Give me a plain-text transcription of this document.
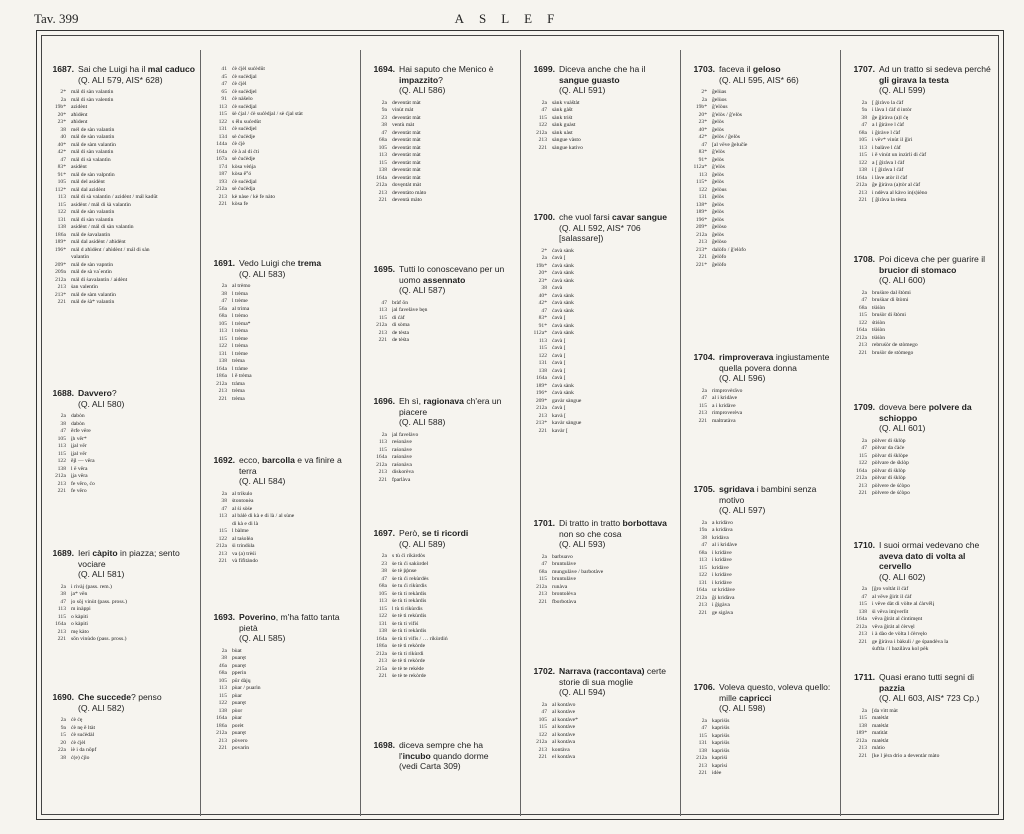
Tav. 399	ASLEF
1687. Sai che Luigi ha il mal caduco
(Q. ALI 579, AIS* 628)
2* mál di sàn valantìn
2a mál di sàn valentìn
19b* azidènt
20* aħìdènt
23* aħìdent
38 mél de sàn valantìn
40 mál de sàn valantìn
40* mál de sàm valantìn
42* mál di sàn valantìn
47 mál di sà valantìn
83* asidènt
91* mál de sàn valpntìn
105 mál del asidènt
112* mál dal azidènt
113 mál di sà valantìn / azidènt / mál kadūt
115 asidènt / mál di ṡà valantìn
122 mál de sàn valantìn
131 mál di sàn valantìn
138 asidènt / mál di sàn valantìn
186a mál de ṡavalantìn
189* mál dal asidènt / aħìdènt
196* mál d aħìdènt / aħìdènt / mál di sàn
valantìn
209* mál de sàn vapntìn
209a mál de sà va`entìn
212a mál di ṡavalantìn / aidènt
213 ṡan valentìn
213* mál de sàm valantìn
221 mál de ṡà* valantìn
1688. Davvero?
(Q. ALI 580)
2a dabòn
38 dabòn
47 ěrfe vēre
105 ḭĥ vēr*
113 ḭjal vēr
115 ḭjal vēr
122 ěḭl — vēra
138 l ē vēra
212a ḭja vēra
213 ḟe vēro, ćo
221 ḟe vēro
1689. Ieri càpito in piazza; sento vociare
(Q. ALI 581)
2a i rivàj (pass. rem.)
38 ja* vēn
47 jo sōj vinùt (pass. pross.)
113 m inàppi
115 o kàpiti
164a o kàpiti
213 mę kàto
221 sōn vinùdo (pass. pross.)
1690. Che succede? penso
(Q. ALI 582)
2a ćè ćę
9a ćè nę ě ltàt
15 ćè sućèdàl
20 ćè ćjèl
22a ìè i da nōpf
38 ć(e) ćjlo
41 ćè ćjèl sućèdūt
45 ćè sućèdjal
47 ćè ćjèl
65 ćè sućèdjel
91 ćè nàšelo
113 ćè sućèdjal
115 ṡè ćjal / ćè sućèdjal / sè ćjal stàt
122 s ělu sućedùt
131 ćè sućèdjel
134 sè ćućèdje
144a ćè ćjè
164a ćè à al di ćti
167a sè ćućèdje
174 kòsa vèńja
187 kòsa ě°ó
193 ćè sućèdjal
212a sè ćućèdja
213 kè nàse / kè ḟe nàto
221 kòsa ḟe
1691. Vedo Luigi che trema
(Q. ALI 583)
2a al trèmo
38 l trèma
47 l trème
56a al trìma
68a l trèmo
105 l trèma*
113 l trèma
115 l trème
122 l trèma
131 l trème
138 trèma
164a l tràme
186a l ě trèma
212a tràma
213 trèma
221 trèma
1692. ecco, barcolla e va finire a terra
(Q. ALI 584)
2a al trikulo
38 ṡtontonèa
47 al ṡi sòśe
113 al bàlè di kà e di là / al sùne
di kà e di là
115 l bàlme
122 al taṡolèa
212a ṡi trindùla
213 va (a) trèśi
221 và ḟiḟitàndo
1693. Poverino, m'ha fatto tanta pietà
(Q. ALI 585)
2a bùat
38 puaręt
46a puaręt
68a pperin
105 pūr dàjų
113 pùar / puarìn
115 pùar
122 puaręt
138 pùor
164a pùar
186a porèt
212a puaręt
213 pòvero
221 povarìn
1694. Hai saputo che Menico è impazzito?
(Q. ALI 586)
2a deventàt màt
9a vinùt màt
23 deventàt màt
38 ventù màt
47 deventàt màt
68a deventàt màt
105 deventàt màt
113 deventàt màt
115 deventàt màt
138 deventàt màt
164a deventàt màt
212a dovęntàt màt
213 deventàto màto
221 deventà màto
1695. Tutti lo conoscevano per un uomo assennato
(Q. ALI 587)
47 bràf ōn
113 jal favelàve bęn
115 di ćàf
212a di sòma
213 de tèsta
221 de tèśta
1696. Eh sì, ragionava ch'era un piacere
(Q. ALI 588)
2a jal favelàvo
113 reśonàve
115 raśonàve
164a raśonàve
212a raśonàva
213 diskorèva
221 ḟparlàva
1697. Però, se ti ricordi
(Q. ALI 589)
2a s tù ći rikàrdòs
23 ṡe tù ći sakùrdel
38 ṡe tè ṗṗnse
47 ṡe tù ći rekùrdès
68a ṡe tu ći rikùrdis
105 ṡe tù ti rekàrdis
113 ṡe tù ti rekàrdis
115 l tù ti rikùrdis
122 ṡe tè ti rekùrdis
131 ṡe tù ti viḟiś
138 ṡe tù ti rekàrdis
164a ṡe tù ti viḟis / … rikùrdiṅ
186a ṡe tè ti rekòrde
212a ṡe tù ti rikùrdi
213 ṡe tè ti rekòrde
215a ṡe tè te rekède
221 ṡe tè te rekòrde
1698. diceva sempre che ha l'incubo quando dorme
(vedi Carta 309)
1699. Diceva anche che ha il sangue guasto
(Q. ALI 591)
2a sànk vuàštàt
47 sànk gàšt
115 sànk triśt
122 sànk guàst
212a sànk uàst
213 sàngue vàsto
221 sàngue kativo
1700. che vuol farsi cavar sangue
(Q. ALI 592, AIS* 706 [salassare])
2* ćavà sànk
2a ćavà [
19b* ćavà sànk
20* ćavà sànk
23* ćavà sànk
38 ćavà
40* ćavà sànk
42* ćavà sànk
47 ćavà sànk
83* ćavà [
91* ćavà sànk
112a* ćavà sànk
113 ćavà [
115 ćavà [
122 ćavà [
131 ćavà [
138 ćavà [
164a ćavà [
189* ćavà sànk
196* ćavà sànk
209* gavàr sàngue
212a ćavà [
213 kavà [
213* kavàr sàngue
221 kavàr [
1701. Di tratto in tratto borbottava non so che cosa
(Q. ALI 593)
2a barbuavo
47 bruntulàve
68a mungulàve / barbotàve
115 bruntulàve
212a runàva
213 brontolèva
221 ḟborbotàva
1702. Narrava (raccontava) certe storie di sua moglie
(Q. ALI 594)
2a al kontàvo
47 al kontàve
105 al kontàve*
115 al kontàve
122 al kontàve
212a al kontàva
213 kontàva
221 el kontàva
1703. faceva il geloso
(Q. ALI 595, AIS* 66)
2* ğelùas
2a ğelùos
19b* ğ'elòus
20* ğ'elòs / ğ'elòs
23* ğelòs
40* ğelòs
42* ğelòs / ğelòs
47 [al vēve ğelučíe
83* ğ'elòs
91* ğelòs
112a* ğ'elòs
113 ğelòs
115* ğelòs
122 ğelòus
131 ğelòs
138* ğelòs
189* ğelòs
196* ğelòs
209* ğelòso
212a ğelòs
213 ğelòso
213* dalòfo / ğ'elòfo
221 ğelòfo
221* ğelòfo
1704. rimproverava ingiustamente quella povera donna
(Q. ALI 596)
2a rimprovèrāvo
47 al i kridàve
115 a i kridàve
213 rimproverèva
221 maltratàva
1705. sgridava i bambini senza motivo
(Q. ALI 597)
2a a kridàvo
19a a kridàva
38 kridàva
47 al i kridàve
68a i kridàve
113 i kridàve
115 kridàve
122 i kridàve
131 i kridàve
164a ur kridàve
212a ği kridàva
213 i ğigàva
221 ge sigàva
1706. Voleva questo, voleva quello: mille capricci
(Q. ALI 598)
2a kapriśis
47 kapriśis
115 kapriśis
131 kapriśis
138 kapriśis
212a kapriśi
213 kaprìsi
221 idèe
1707. Ad un tratto si sedeva perché gli girava la testa
(Q. ALI 599)
2a [ ğiràvo la ćàf
9a i làva l ćàf d intòr
38 ğe ğiràva (a)l ćę
47 a l ğiràve l ćàf
68a i ğiràve l ćàf
105 i vēv* vinùt il ğìri
113 i balàve l ćàf
115 i ě vinùt un inzìrli di ćàf
122 a [ ğiràva l ćàf
138 i [ ğiràva l ćàf
164a i làve atòr il ćàf
212a ğe ğiràva (a)tòr al ćàf
213 i ndèva al kàvo in(s)ièno
221 [ ğiràva la tèsta
1708. Poi diceva che per guarire il brucior di stomaco
(Q. ALI 600)
2a bruśùre dal štòmi
47 bruśùar di štòmi
68a tśiśòn
115 bruśòr di štòmi
122 śtiśòn
164a tśiśòn
212a tśiśòn
213 rebruśòr de stòmego
221 bruśòr de stòmego
1709. doveva bere polvere da schioppo
(Q. ALI 601)
2a pòlver di śklòp
47 pòlvar da ćàće
115 pòlvar di śklòpe
122 pòlvare de śklòp
164a pòlvar di śklòp
212a pòlvar di śklòp
213 pòlvere de śćòpo
221 pòlvere de śćòpo
1710. I suoi ormai vedevano che aveva dato di volta al cervello
(Q. ALI 602)
2a [ĝro voltàt il ćàf
47 al vēve ĝirìt il ćàf
115 i vēve dàt di vòlte al ćàrvělį
138 ṡi vēva imjverlìt
164a vēva ğiràt al ćintimęnt
212a vēva ğiràt al ćèrvęl
213 i à dào de vòlta l ćèrvęlo
221 ge ğiràva i bàkuli / ge śpandèva la
śuftla / l bazilàva kol pèk
1711. Quasi erano tutti segni di pazzia
(Q. ALI 603, AIS* 723 Cp.)
2a [da vìtt màt
115 matètàt
138 matètàt
189* matìtàt
212a matètàt
213 màtio
221 [ke l jèra drìo a deventàr màto
